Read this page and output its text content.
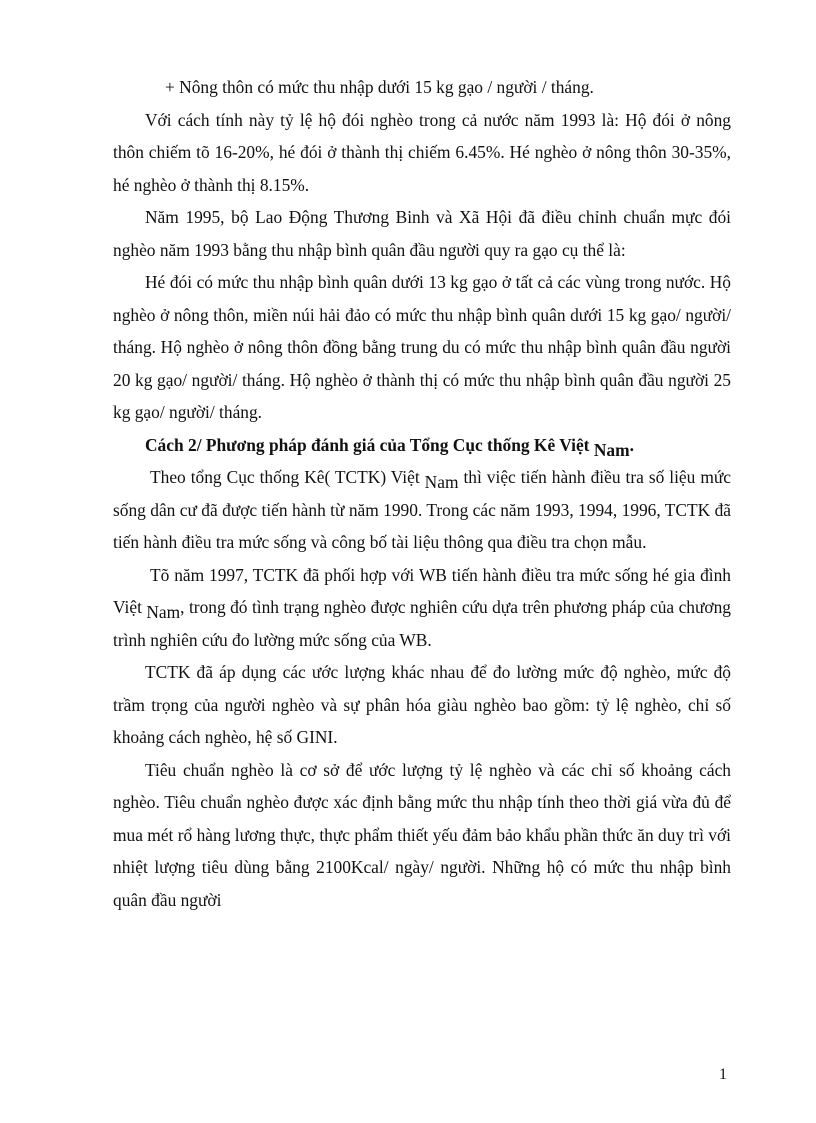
+ Nông thôn có mức thu nhập dưới 15 kg gạo / người / tháng.

Với cách tính này tỷ lệ hộ đói nghèo trong cả nước năm 1993 là: Hộ đói ở nông thôn chiếm tõ 16-20%, hé đói ở thành thị chiếm 6.45%. Hé nghèo ở nông thôn 30-35%, hé nghèo ở thành thị 8.15%.

Năm 1995, bộ Lao Động Thương Binh và Xã Hội đã điều chỉnh chuẩn mực đói nghèo năm 1993 bằng thu nhập bình quân đầu người quy ra gạo cụ thể là:

Hé đói có mức thu nhập bình quân dưới 13 kg gạo ở tất cả các vùng trong nước. Hộ nghèo ở nông thôn, miền núi hải đảo có mức thu nhập bình quân dưới 15 kg gạo/ người/ tháng. Hộ nghèo ở nông thôn đồng bằng trung du có mức thu nhập bình quân đầu người 20 kg gạo/ người/ tháng. Hộ nghèo ở thành thị có mức thu nhập bình quân đầu người 25 kg gạo/ người/ tháng.

Cách 2/ Phương pháp đánh giá của Tổng Cục thống Kê Việt Nam.

Theo tổng Cục thống Kê( TCTK) Việt Nam thì việc tiến hành điều tra số liệu mức sống dân cư đã được tiến hành từ năm 1990. Trong các năm 1993, 1994, 1996, TCTK đã tiến hành điều tra mức sống và công bố tài liệu thông qua điều tra chọn mẫu.

Tõ năm 1997, TCTK đã phối hợp với WB tiến hành điều tra mức sống hé gia đình Việt Nam, trong đó tình trạng nghèo được nghiên cứu dựa trên phương pháp của chương trình nghiên cứu đo lường mức sống của WB.

TCTK đã áp dụng các ước lượng khác nhau để đo lường mức độ nghèo, mức độ trầm trọng của người nghèo và sự phân hóa giàu nghèo bao gồm: tỷ lệ nghèo, chỉ số khoảng cách nghèo, hệ số GINI.

Tiêu chuẩn nghèo là cơ sở để ước lượng tỷ lệ nghèo và các chỉ số khoảng cách nghèo. Tiêu chuẩn nghèo được xác định bằng mức thu nhập tính theo thời giá vừa đủ để mua mét rổ hàng lương thực, thực phẩm thiết yếu đảm bảo khẩu phần thức ăn duy trì với nhiệt lượng tiêu dùng bằng 2100Kcal/ ngày/ người. Những hộ có mức thu nhập bình quân đầu người

1
